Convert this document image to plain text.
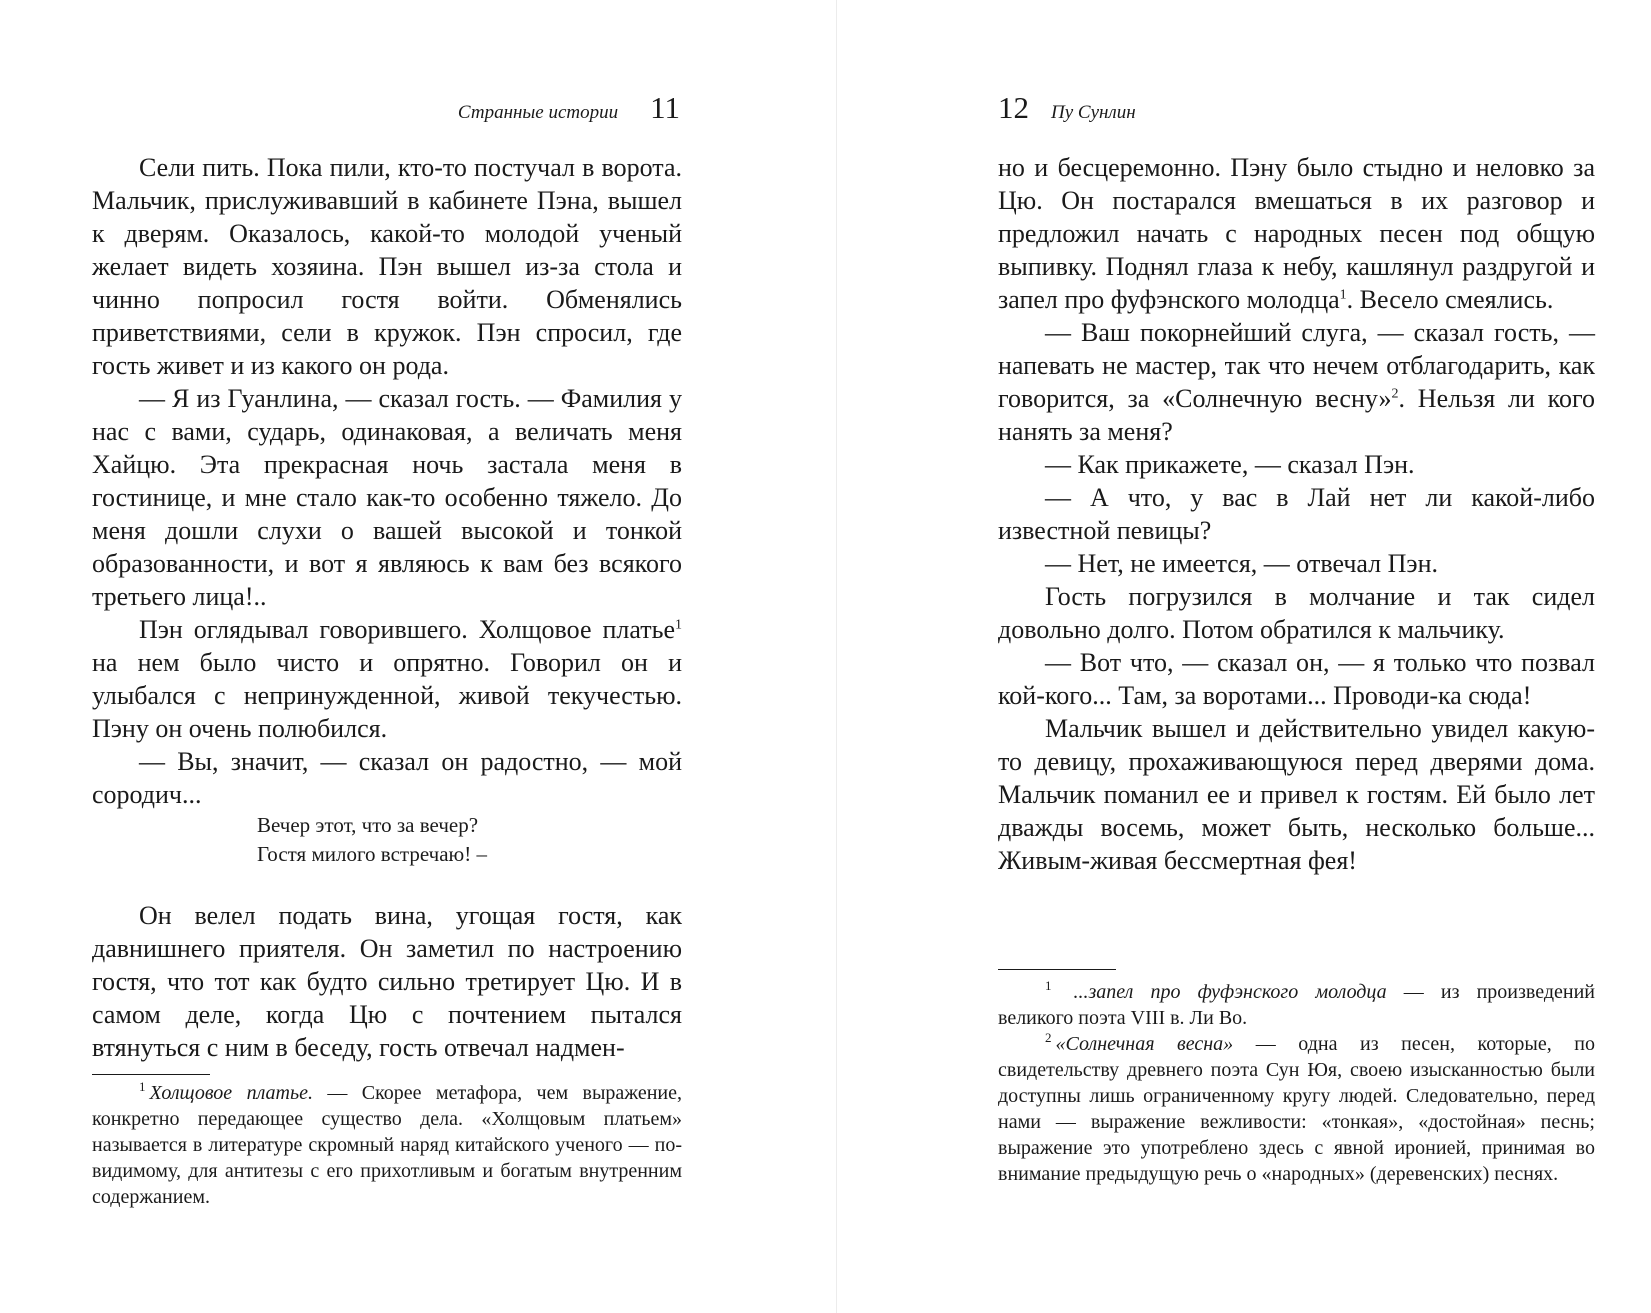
Странные истории 11

Сели пить. Пока пили, кто-то постучал в ворота. Мальчик, прислуживавший в кабинете Пэна, вышел к дверям. Оказалось, какой-то молодой ученый желает видеть хозяина. Пэн вышел из-за стола и чинно попросил гостя войти. Обменялись приветствиями, сели в кружок. Пэн спросил, где гость живет и из какого он рода.

— Я из Гуанлина, — сказал гость. — Фамилия у нас с вами, сударь, одинаковая, а величать меня Хайцю. Эта прекрасная ночь застала меня в гостинице, и мне стало как-то особенно тяжело. До меня дошли слухи о вашей высокой и тонкой образованности, и вот я являюсь к вам без всякого третьего лица!..

Пэн оглядывал говорившего. Холщовое платье$^1$ на нем было чисто и опрятно. Говорил он и улыбался с непринужденной, живой текучестью. Пэну он очень полюбился.

— Вы, значит, — сказал он радостно, — мой сородич...

Вечер этот, что за вечер?
Гостя милого встречаю! –

Он велел подать вина, угощая гостя, как давнишнего приятеля. Он заметил по настроению гостя, что тот как будто сильно третирует Цю. И в самом деле, когда Цю с почтением пытался втянуться с ним в беседу, гость отвечал надмен-

$^1$ Холщовое платье. — Скорее метафора, чем выражение, конкретно передающее существо дела. «Холщовым платьем» называется в литературе скромный наряд китайского ученого — по-видимому, для антитезы с его прихотливым и богатым внутренним содержанием.

12 Пу Сунлин

но и бесцеремонно. Пэну было стыдно и неловко за Цю. Он постарался вмешаться в их разговор и предложил начать с народных песен под общую выпивку. Поднял глаза к небу, кашлянул раздругой и запел про фуфэнского молодца$^1$. Весело смеялись.

— Ваш покорнейший слуга, — сказал гость, — напевать не мастер, так что нечем отблагодарить, как говорится, за «Солнечную весну»$^2$. Нельзя ли кого нанять за меня?

— Как прикажете, — сказал Пэн.

— А что, у вас в Лай нет ли какой-либо известной певицы?

— Нет, не имеется, — отвечал Пэн.

Гость погрузился в молчание и так сидел довольно долго. Потом обратился к мальчику.

— Вот что, — сказал он, — я только что позвал кой-кого... Там, за воротами... Проводи-ка сюда!

Мальчик вышел и действительно увидел какую-то девицу, прохаживающуюся перед дверями дома. Мальчик поманил ее и привел к гостям. Ей было лет дважды восемь, может быть, несколько больше... Живым-живая бессмертная фея!

$^1$ ...запел про фуфэнского молодца — из произведений великого поэта VIII в. Ли Во.

$^2$ «Солнечная весна» — одна из песен, которые, по свидетельству древнего поэта Сун Юя, своею изысканностью были доступны лишь ограниченному кругу людей. Следовательно, перед нами — выражение вежливости: «тонкая», «достойная» песнь; выражение это употреблено здесь с явной иронией, принимая во внимание предыдущую речь о «народных» (деревенских) песнях.
